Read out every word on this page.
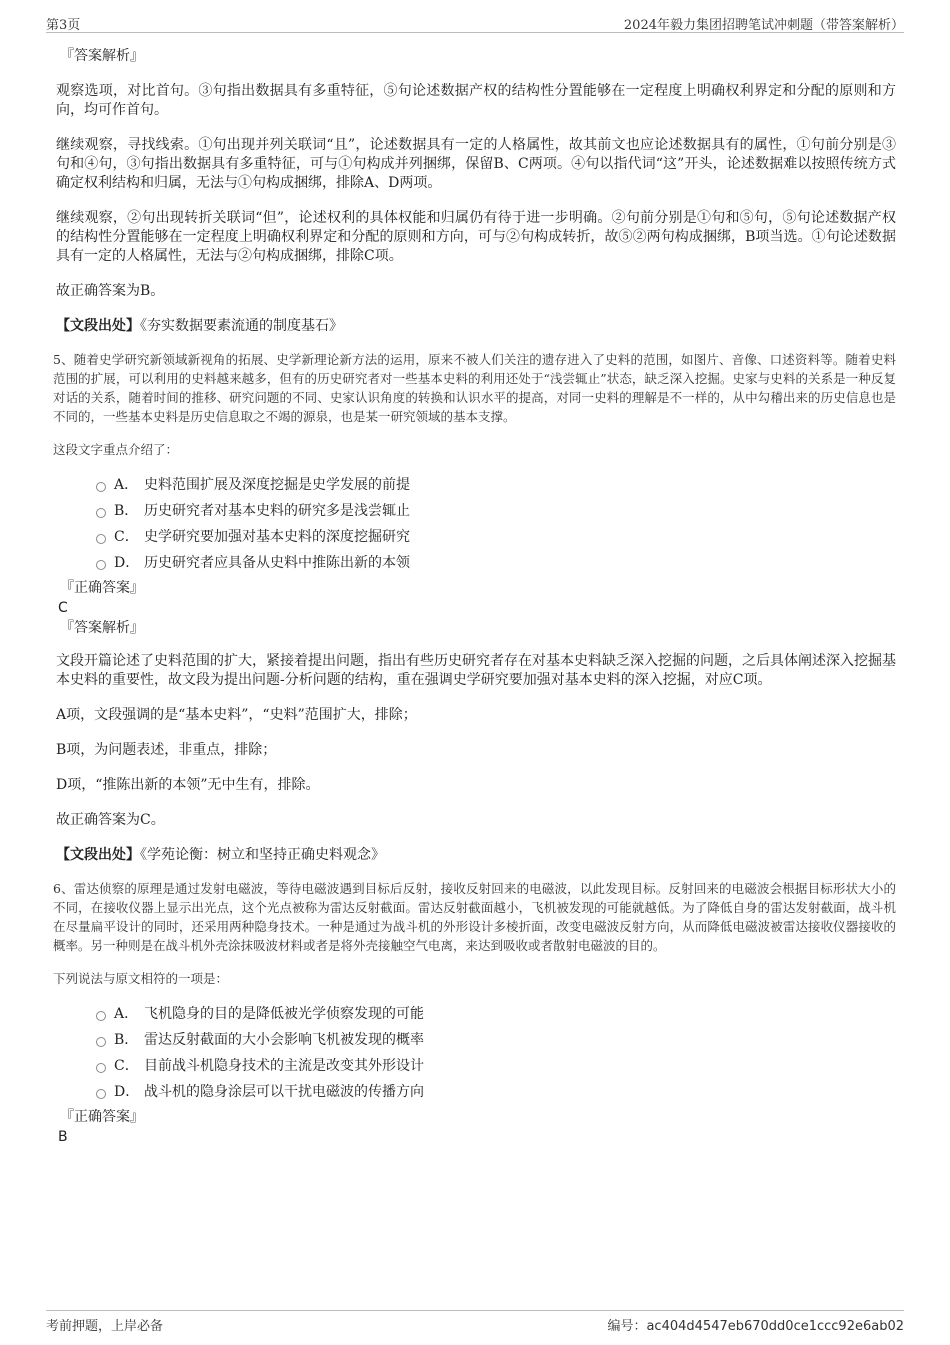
第3页	2024年毅力集团招聘笔试冲刺题（带答案解析）
『答案解析』

观察选项，对比首句。③句指出数据具有多重特征，⑤句论述数据产权的结构性分置能够在一定程度上明确权利界定和分配的原则和方向，均可作首句。

继续观察，寻找线索。①句出现并列关联词“且”，论述数据具有一定的人格属性，故其前文也应论述数据具有的属性，①句前分别是③句和④句，③句指出数据具有多重特征，可与①句构成并列捆绑，保留B、C两项。④句以指代词“这”开头，论述数据难以按照传统方式确定权利结构和归属，无法与①句构成捆绑，排除A、D两项。

继续观察，②句出现转折关联词“但”，论述权利的具体权能和归属仍有待于进一步明确。②句前分别是①句和⑤句，⑤句论述数据产权的结构性分置能够在一定程度上明确权利界定和分配的原则和方向，可与②句构成转折，故⑤②两句构成捆绑，B项当选。①句论述数据具有一定的人格属性，无法与②句构成捆绑，排除C项。

故正确答案为B。

【文段出处】《夯实数据要素流通的制度基石》

5、随着史学研究新领域新视角的拓展、史学新理论新方法的运用，原来不被人们关注的遗存进入了史料的范围，如图片、音像、口述资料等。随着史料范围的扩展，可以利用的史料越来越多，但有的历史研究者对一些基本史料的利用还处于“浅尝辄止”状态，缺乏深入挖掘。史家与史料的关系是一种反复对话的关系，随着时间的推移、研究问题的不同、史家认识角度的转换和认识水平的提高，对同一史料的理解是不一样的，从中勾稽出来的历史信息也是不同的，一些基本史料是历史信息取之不竭的源泉，也是某一研究领域的基本支撑。

这段文字重点介绍了：

A． 史料范围扩展及深度挖掘是史学发展的前提
B． 历史研究者对基本史料的研究多是浅尝辄止
C． 史学研究要加强对基本史料的深度挖掘研究
D． 历史研究者应具备从史料中推陈出新的本领
『正确答案』
C
『答案解析』

文段开篇论述了史料范围的扩大，紧接着提出问题，指出有些历史研究者存在对基本史料缺乏深入挖掘的问题，之后具体阐述深入挖掘基本史料的重要性，故文段为提出问题-分析问题的结构，重在强调史学研究要加强对基本史料的深入挖掘，对应C项。

A项，文段强调的是“基本史料”，“史料”范围扩大，排除；

B项，为问题表述，非重点，排除；

D项，“推陈出新的本领”无中生有，排除。

故正确答案为C。

【文段出处】《学苑论衡：树立和坚持正确史料观念》

6、雷达侦察的原理是通过发射电磁波，等待电磁波遇到目标后反射，接收反射回来的电磁波，以此发现目标。反射回来的电磁波会根据目标形状大小的不同，在接收仪器上显示出光点，这个光点被称为雷达反射截面。雷达反射截面越小，飞机被发现的可能就越低。为了降低自身的雷达发射截面，战斗机在尽量扁平设计的同时，还采用两种隐身技术。一种是通过为战斗机的外形设计多棱折面，改变电磁波反射方向，从而降低电磁波被雷达接收仪器接收的概率。另一种则是在战斗机外壳涂抹吸波材料或者是将外壳接触空气电离，来达到吸收或者散射电磁波的目的。

下列说法与原文相符的一项是：

A． 飞机隐身的目的是降低被光学侦察发现的可能
B． 雷达反射截面的大小会影响飞机被发现的概率
C． 目前战斗机隐身技术的主流是改变其外形设计
D． 战斗机的隐身涂层可以干扰电磁波的传播方向
『正确答案』
B
考前押题，上岸必备	编号：ac404d4547eb670dd0ce1ccc92e6ab02
